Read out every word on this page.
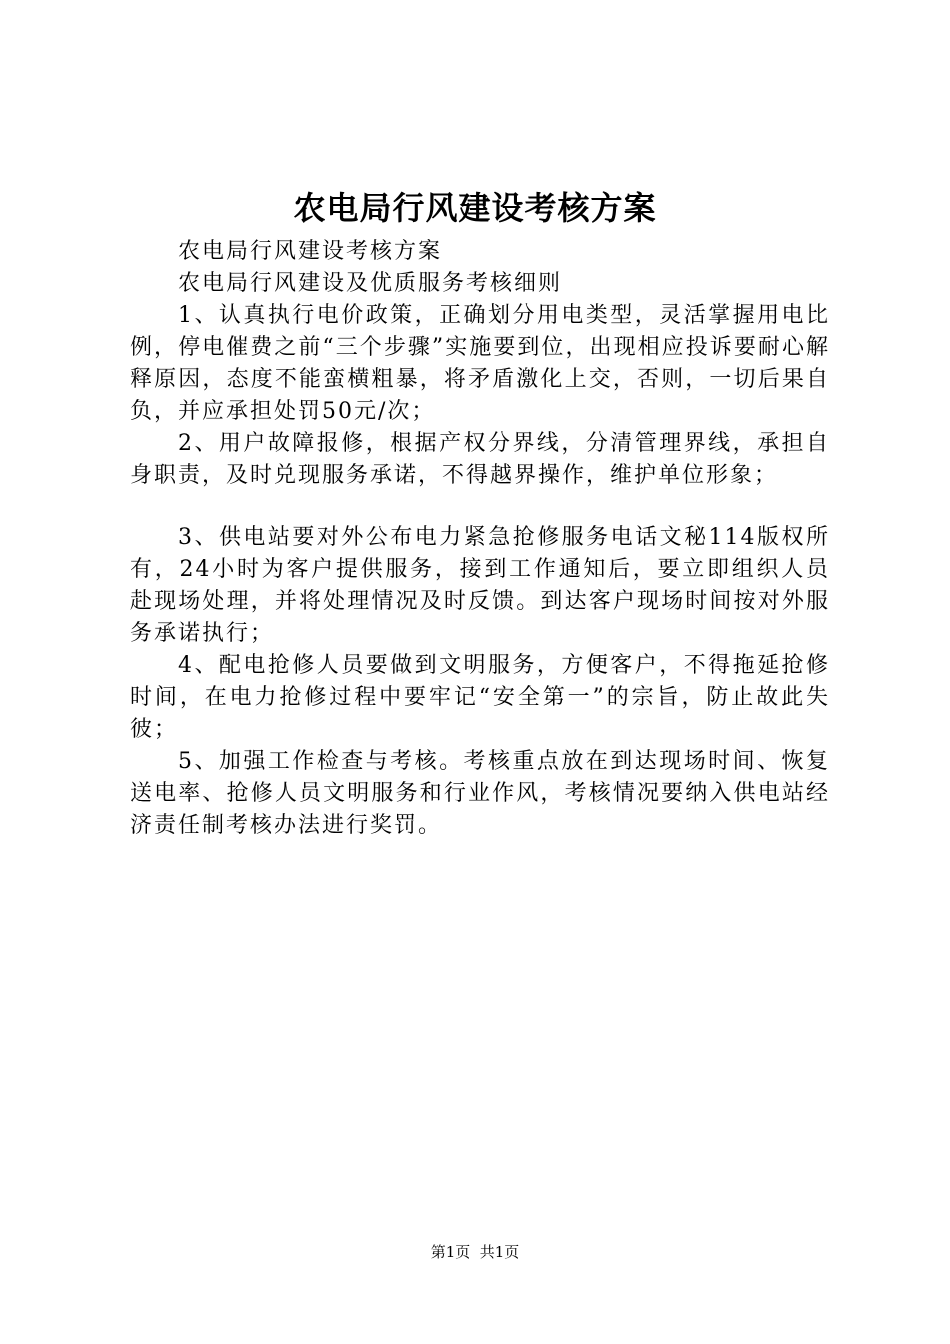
农电局行风建设考核方案

农电局行风建设考核方案

农电局行风建设及优质服务考核细则

1、认真执行电价政策，正确划分用电类型，灵活掌握用电比例，停电催费之前“三个步骤”实施要到位，出现相应投诉要耐心解释原因，态度不能蛮横粗暴，将矛盾激化上交，否则，一切后果自负，并应承担处罚50元/次；

2、用户故障报修，根据产权分界线，分清管理界线，承担自身职责，及时兑现服务承诺，不得越界操作，维护单位形象；

3、供电站要对外公布电力紧急抢修服务电话文秘114版权所有，24小时为客户提供服务，接到工作通知后，要立即组织人员赴现场处理，并将处理情况及时反馈。到达客户现场时间按对外服务承诺执行；

4、配电抢修人员要做到文明服务，方便客户，不得拖延抢修时间，在电力抢修过程中要牢记“安全第一”的宗旨，防止故此失彼；

5、加强工作检查与考核。考核重点放在到达现场时间、恢复送电率、抢修人员文明服务和行业作风，考核情况要纳入供电站经济责任制考核办法进行奖罚。

第1页  共1页
